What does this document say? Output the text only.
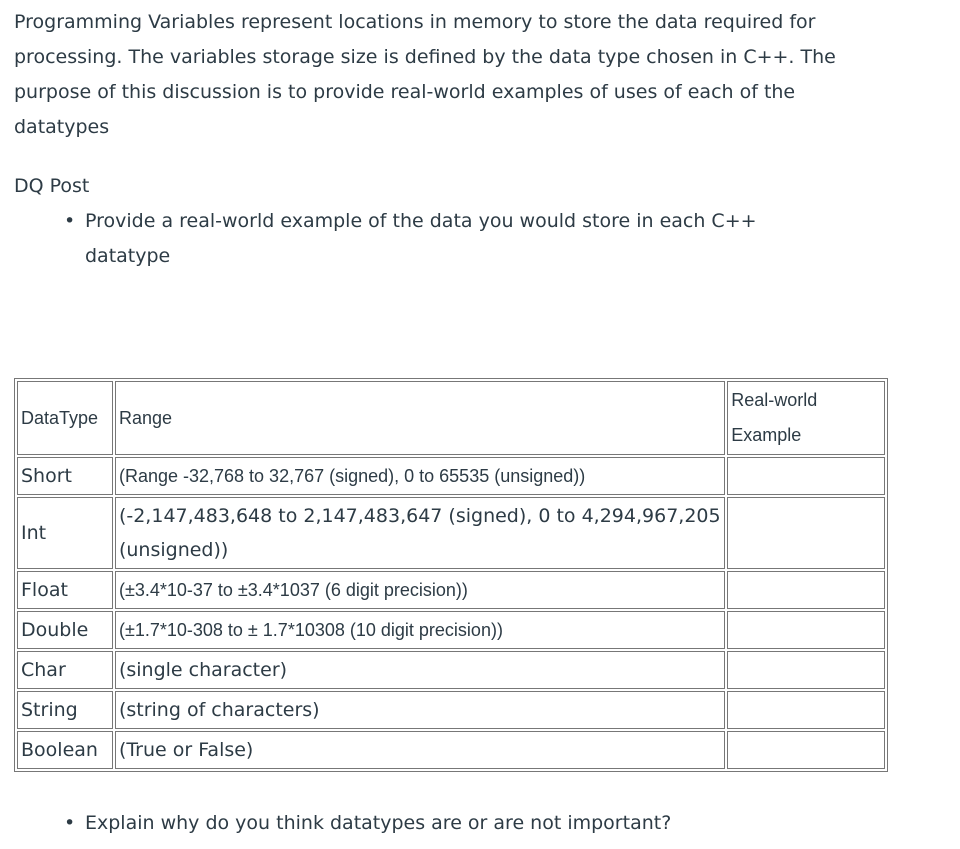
Programming Variables represent locations in memory to store the data required for processing. The variables storage size is defined by the data type chosen in C++. The purpose of this discussion is to provide real-world examples of uses of each of the datatypes

DQ Post

• Provide a real-world example of the data you would store in each C++ datatype
DataType	Range	Real-world Example
Short	(Range -32,768 to 32,767 (signed), 0 to 65535 (unsigned))	
Int	(-2,147,483,648 to 2,147,483,647 (signed), 0 to 4,294,967,205 (unsigned))	
Float	(±3.4*10-37 to ±3.4*1037 (6 digit precision))	
Double	(±1.7*10-308 to ± 1.7*10308 (10 digit precision))	
Char	(single character)	
String	(string of characters)	
Boolean	(True or False)	
• Explain why do you think datatypes are or are not important?
